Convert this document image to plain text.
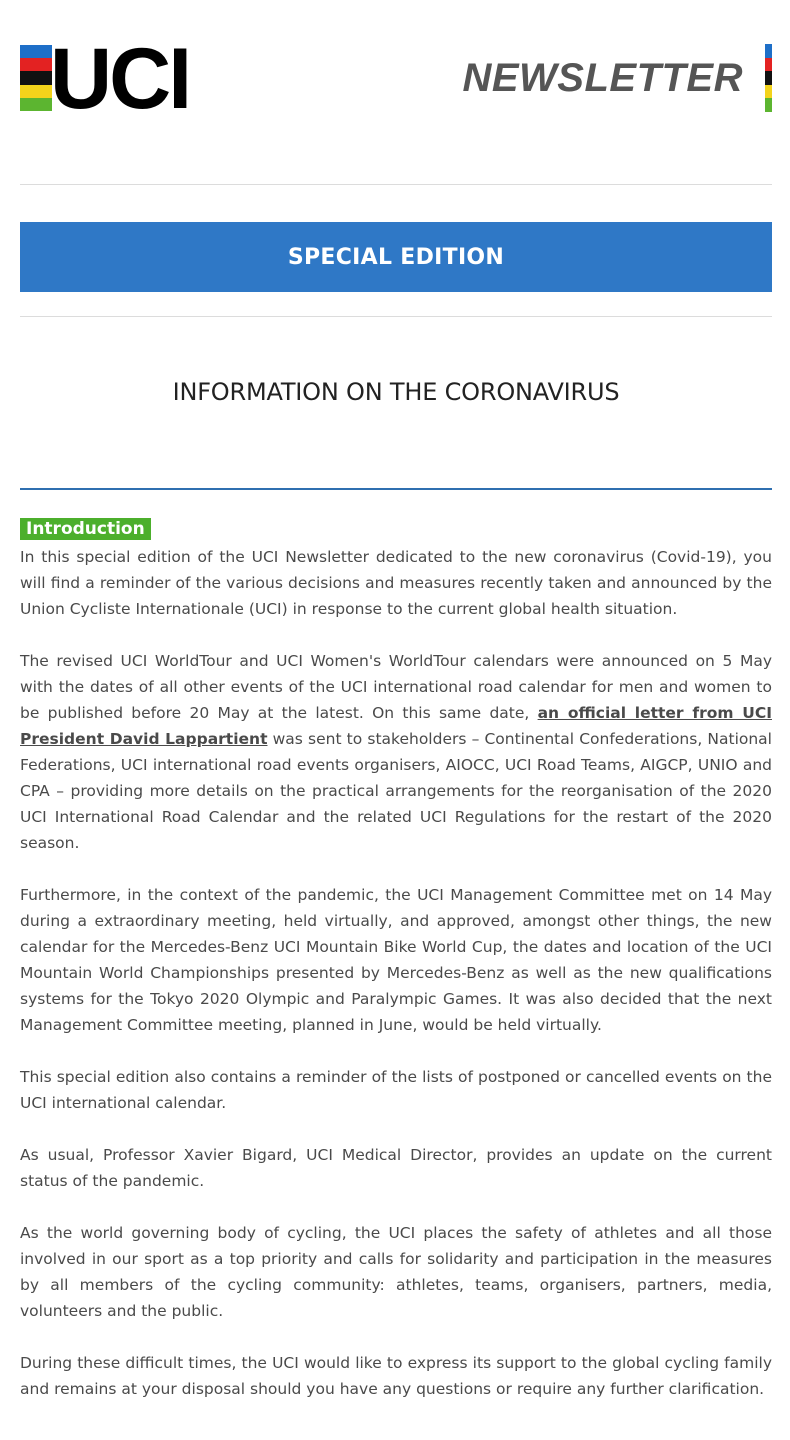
UCI	NEWSLETTER
SPECIAL EDITION
INFORMATION ON THE CORONAVIRUS
Introduction

In this special edition of the UCI Newsletter dedicated to the new coronavirus (Covid-19), you will find a reminder of the various decisions and measures recently taken and announced by the Union Cycliste Internationale (UCI) in response to the current global health situation.

The revised UCI WorldTour and UCI Women's WorldTour calendars were announced on 5 May with the dates of all other events of the UCI international road calendar for men and women to be published before 20 May at the latest. On this same date, an official letter from UCI President David Lappartient was sent to stakeholders – Continental Confederations, National Federations, UCI international road events organisers, AIOCC, UCI Road Teams, AIGCP, UNIO and CPA – providing more details on the practical arrangements for the reorganisation of the 2020 UCI International Road Calendar and the related UCI Regulations for the restart of the 2020 season.

Furthermore, in the context of the pandemic, the UCI Management Committee met on 14 May during a extraordinary meeting, held virtually, and approved, amongst other things, the new calendar for the Mercedes-Benz UCI Mountain Bike World Cup, the dates and location of the UCI Mountain World Championships presented by Mercedes-Benz as well as the new qualifications systems for the Tokyo 2020 Olympic and Paralympic Games. It was also decided that the next Management Committee meeting, planned in June, would be held virtually.

This special edition also contains a reminder of the lists of postponed or cancelled events on the UCI international calendar.

As usual, Professor Xavier Bigard, UCI Medical Director, provides an update on the current status of the pandemic.

As the world governing body of cycling, the UCI places the safety of athletes and all those involved in our sport as a top priority and calls for solidarity and participation in the measures by all members of the cycling community: athletes, teams, organisers, partners, media, volunteers and the public.

During these difficult times, the UCI would like to express its support to the global cycling family and remains at your disposal should you have any questions or require any further clarification.
